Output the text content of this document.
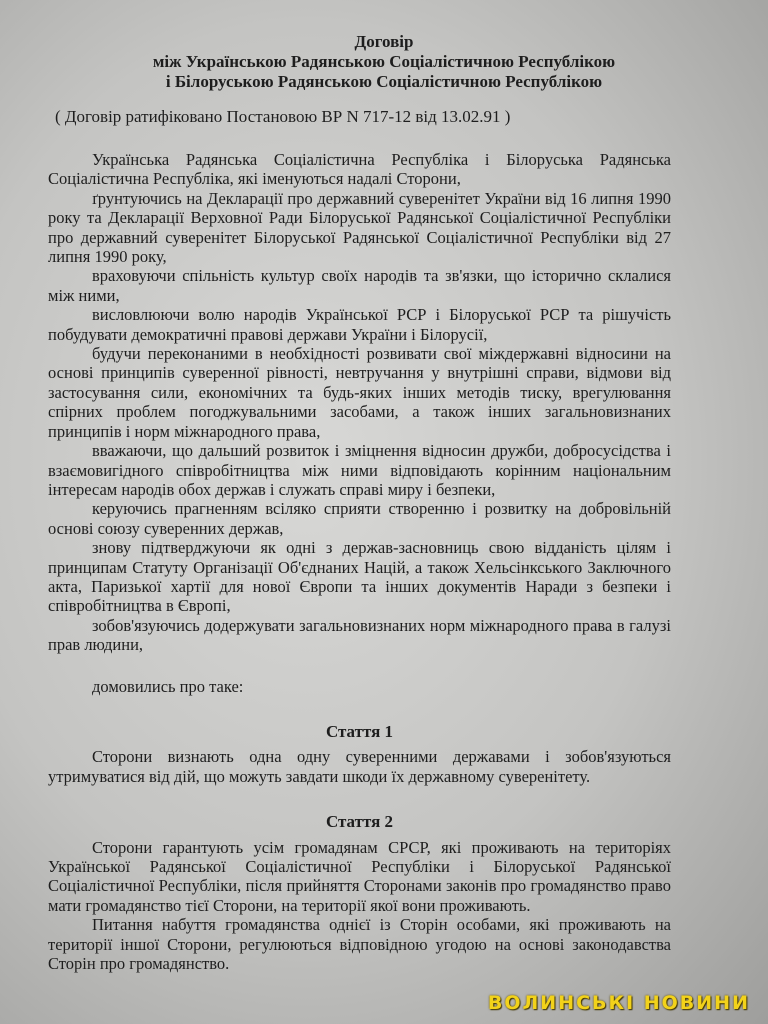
Договір
між Українською Радянською Соціалістичною Республікою
і Білоруською Радянською Соціалістичною Республікою
( Договір ратифіковано Постановою ВР N 717-12 від 13.02.91 )

Українська Радянська Соціалістична Республіка і Білоруська Радянська Соціалістична Республіка, які іменуються надалі Сторони,

ґрунтуючись на Декларації про державний суверенітет України від 16 липня 1990 року та Декларації Верховної Ради Білоруської Радянської Соціалістичної Республіки про державний суверенітет Білоруської Радянської Соціалістичної Республіки від 27 липня 1990 року,

враховуючи спільність культур своїх народів та зв'язки, що історично склалися між ними,

висловлюючи волю народів Української РСР і Білоруської РСР та рішучість побудувати демократичні правові держави України і Білорусії,

будучи переконаними в необхідності розвивати свої міждержавні відносини на основі принципів суверенної рівності, невтручання у внутрішні справи, відмови від застосування сили, економічних та будь-яких інших методів тиску, врегулювання спірних проблем погоджувальними засобами, а також інших загальновизнаних принципів і норм міжнародного права,

вважаючи, що дальший розвиток і зміцнення відносин дружби, добросусідства і взаємовигідного співробітництва між ними відповідають корінним національним інтересам народів обох держав і служать справі миру і безпеки,

керуючись прагненням всіляко сприяти створенню і розвитку на добровільній основі союзу суверенних держав,

знову підтверджуючи як одні з держав-засновниць свою відданість цілям і принципам Статуту Організації Об'єднаних Націй, а також Хельсінкського Заключного акта, Паризької хартії для нової Європи та інших документів Наради з безпеки і співробітництва в Європі,

зобов'язуючись додержувати загальновизнаних норм міжнародного права в галузі прав людини,

домовились про таке:

Стаття 1

Сторони визнають одна одну суверенними державами і зобов'язуються утримуватися від дій, що можуть завдати шкоди їх державному суверенітету.

Стаття 2

Сторони гарантують усім громадянам СРСР, які проживають на територіях Української Радянської Соціалістичної Республіки і Білоруської Радянської Соціалістичної Республіки, після прийняття Сторонами законів про громадянство право мати громадянство тієї Сторони, на території якої вони проживають.

Питання набуття громадянства однієї із Сторін особами, які проживають на території іншої Сторони, регулюються відповідною угодою на основі законодавства Сторін про громадянство.

ВОЛИНСЬКІ НОВИНИ
